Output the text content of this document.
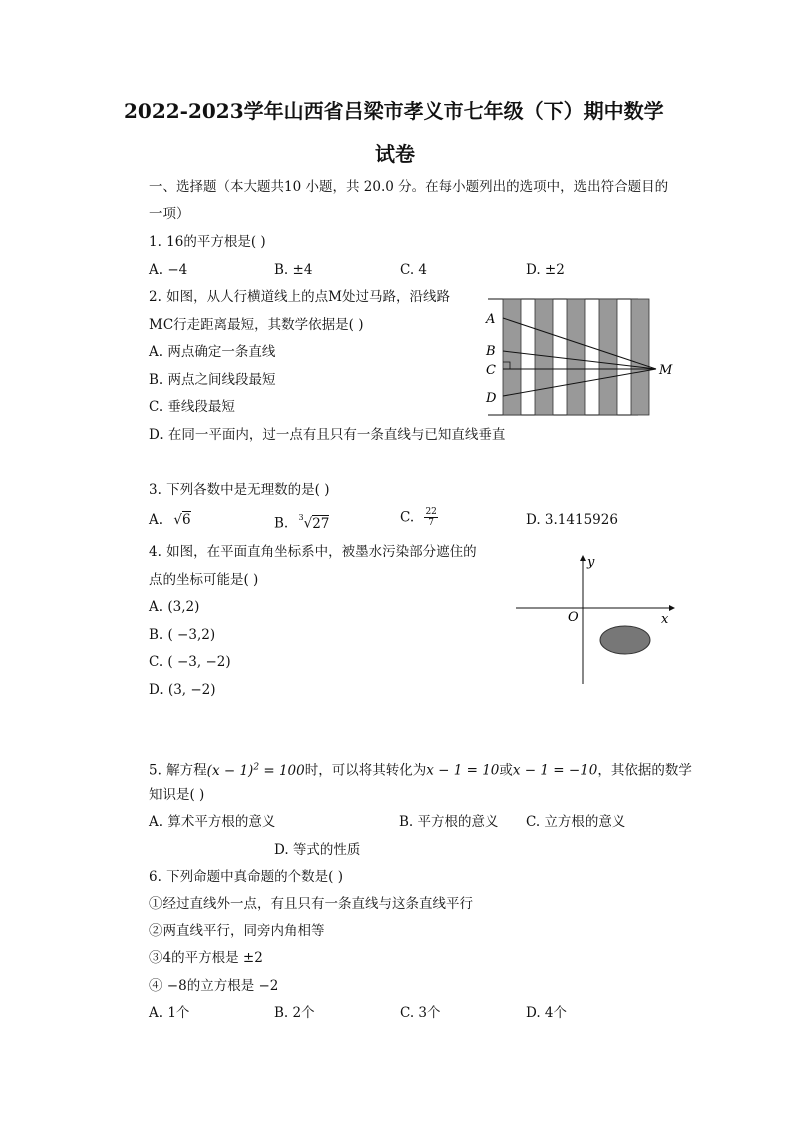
2022-2023学年山西省吕梁市孝义市七年级（下）期中数学
试卷
一、选择题（本大题共10 小题，共 20.0 分。在每小题列出的选项中，选出符合题目的
一项）
1. 16的平方根是( )
A. −4	B. ±4	C. 4	D. ±2
2. 如图，从人行横道线上的点M处过马路，沿线路
MC行走距离最短，其数学依据是( )
A. 两点确定一条直线
B. 两点之间线段最短
C. 垂线段最短
D. 在同一平面内，过一点有且只有一条直线与已知直线垂直
A
B
C
D
M
3. 下列各数中是无理数的是( )
A. √6	B. $^3$√27	C. $\frac{22}{7}$	D. 3.1415926
4. 如图，在平面直角坐标系中，被墨水污染部分遮住的
点的坐标可能是( )
A. (3,2)
B. ( −3,2)
C. ( −3, −2)
D. (3, −2)
y
O	x
5. 解方程$(x - 1)^2 = 100$时，可以将其转化为x − 1 = 10或x − 1 = −10，其依据的数学
知识是( )
A. 算术平方根的意义	B. 平方根的意义 C. 立方根的意义
D. 等式的性质
6. 下列命题中真命题的个数是( )
①经过直线外一点，有且只有一条直线与这条直线平行
②两直线平行，同旁内角相等
③4的平方根是 ±2
④ −8的立方根是 −2
A. 1个	B. 2个	C. 3个	D. 4个
